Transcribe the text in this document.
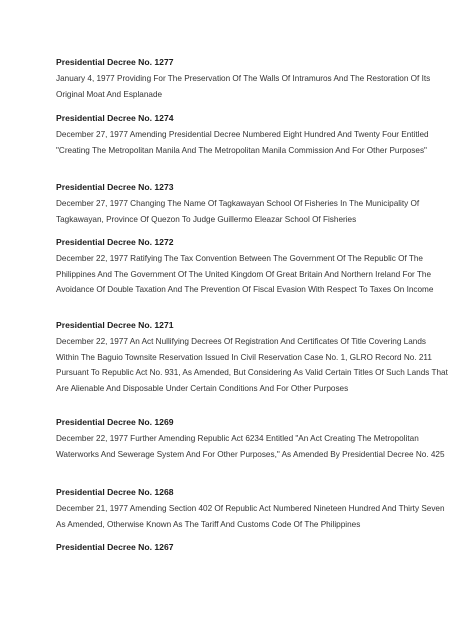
Presidential Decree No. 1277
January 4, 1977 Providing For The Preservation Of The Walls Of Intramuros And The Restoration Of Its Original Moat And Esplanade
Presidential Decree No. 1274
December 27, 1977 Amending Presidential Decree Numbered Eight Hundred And Twenty Four Entitled "Creating The Metropolitan Manila And The Metropolitan Manila Commission And For Other Purposes"
Presidential Decree No. 1273
December 27, 1977 Changing The Name Of Tagkawayan School Of Fisheries In The Municipality Of Tagkawayan, Province Of Quezon To Judge Guillermo Eleazar School Of Fisheries
Presidential Decree No. 1272
December 22, 1977 Ratifying The Tax Convention Between The Government Of The Republic Of The Philippines And The Government Of The United Kingdom Of Great Britain And Northern Ireland For The Avoidance Of Double Taxation And The Prevention Of Fiscal Evasion With Respect To Taxes On Income
Presidential Decree No. 1271
December 22, 1977 An Act Nullifying Decrees Of Registration And Certificates Of Title Covering Lands Within The Baguio Townsite Reservation Issued In Civil Reservation Case No. 1, GLRO Record No. 211 Pursuant To Republic Act No. 931, As Amended, But Considering As Valid Certain Titles Of Such Lands That Are Alienable And Disposable Under Certain Conditions And For Other Purposes
Presidential Decree No. 1269
December 22, 1977 Further Amending Republic Act 6234 Entitled "An Act Creating The Metropolitan Waterworks And Sewerage System And For Other Purposes," As Amended By Presidential Decree No. 425
Presidential Decree No. 1268
December 21, 1977 Amending Section 402 Of Republic Act Numbered Nineteen Hundred And Thirty Seven As Amended, Otherwise Known As The Tariff And Customs Code Of The Philippines
Presidential Decree No. 1267
